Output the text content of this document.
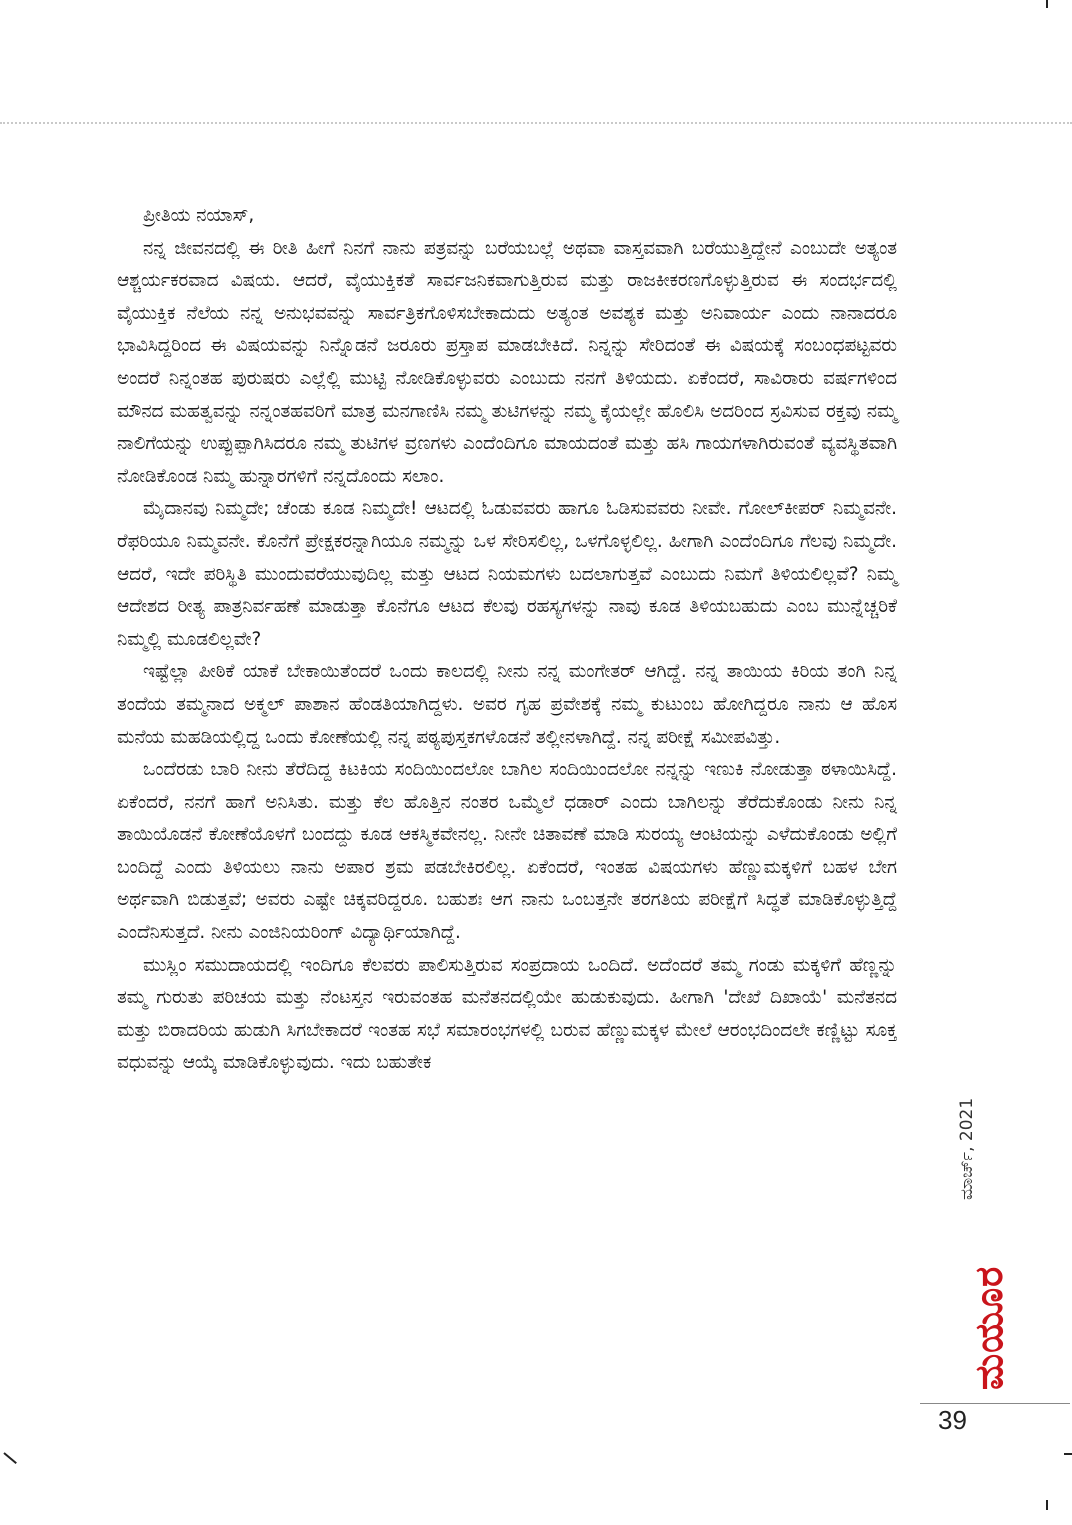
ಪ್ರೀತಿಯ ನಯಾಸ್,

ನನ್ನ ಜೀವನದಲ್ಲಿ ಈ ರೀತಿ ಹೀಗೆ ನಿನಗೆ ನಾನು ಪತ್ರವನ್ನು ಬರೆಯಬಲ್ಲೆ ಅಥವಾ ವಾಸ್ತವವಾಗಿ ಬರೆಯುತ್ತಿದ್ದೇನೆ ಎಂಬುದೇ ಅತ್ಯಂತ ಆಶ್ಚರ್ಯಕರವಾದ ವಿಷಯ. ಆದರೆ, ವೈಯುಕ್ತಿಕತೆ ಸಾರ್ವಜನಿಕವಾಗುತ್ತಿರುವ ಮತ್ತು ರಾಜಕೀಕರಣಗೊಳ್ಳುತ್ತಿರುವ ಈ ಸಂದರ್ಭದಲ್ಲಿ ವೈಯುಕ್ತಿಕ ನೆಲೆಯ ನನ್ನ ಅನುಭವವನ್ನು ಸಾರ್ವತ್ರಿಕಗೊಳಿಸಬೇಕಾದುದು ಅತ್ಯಂತ ಅವಶ್ಯಕ ಮತ್ತು ಅನಿವಾರ್ಯ ಎಂದು ನಾನಾದರೂ ಭಾವಿಸಿದ್ದರಿಂದ ಈ ವಿಷಯವನ್ನು ನಿನ್ನೊಡನೆ ಜರೂರು ಪ್ರಸ್ತಾಪ ಮಾಡಬೇಕಿದೆ. ನಿನ್ನನ್ನು ಸೇರಿದಂತೆ ಈ ವಿಷಯಕ್ಕೆ ಸಂಬಂಧಪಟ್ಟವರು ಅಂದರೆ ನಿನ್ನಂತಹ ಪುರುಷರು ಎಲ್ಲೆಲ್ಲಿ ಮುಟ್ಟಿ ನೋಡಿಕೊಳ್ಳುವರು ಎಂಬುದು ನನಗೆ ತಿಳಿಯದು. ಏಕೆಂದರೆ, ಸಾವಿರಾರು ವರ್ಷಗಳಿಂದ ಮೌನದ ಮಹತ್ವವನ್ನು ನನ್ನಂತಹವರಿಗೆ ಮಾತ್ರ ಮನಗಾಣಿಸಿ ನಮ್ಮ ತುಟಿಗಳನ್ನು ನಮ್ಮ ಕೈಯಲ್ಲೇ ಹೊಲಿಸಿ ಅದರಿಂದ ಸ್ರವಿಸುವ ರಕ್ತವು ನಮ್ಮ ನಾಲಿಗೆಯನ್ನು ಉಪ್ಪುಪ್ಪಾಗಿಸಿದರೂ ನಮ್ಮ ತುಟಿಗಳ ವ್ರಣಗಳು ಎಂದೆಂದಿಗೂ ಮಾಯದಂತೆ ಮತ್ತು ಹಸಿ ಗಾಯಗಳಾಗಿರುವಂತೆ ವ್ಯವಸ್ಥಿತವಾಗಿ ನೋಡಿಕೊಂಡ ನಿಮ್ಮ ಹುನ್ನಾರಗಳಿಗೆ ನನ್ನದೊಂದು ಸಲಾಂ.

ಮೈದಾನವು ನಿಮ್ಮದೇ; ಚೆಂಡು ಕೂಡ ನಿಮ್ಮದೇ! ಆಟದಲ್ಲಿ ಓಡುವವರು ಹಾಗೂ ಓಡಿಸುವವರು ನೀವೇ. ಗೋಲ್‌ಕೀಪರ್ ನಿಮ್ಮವನೇ. ರೆಫರಿಯೂ ನಿಮ್ಮವನೇ. ಕೊನೆಗೆ ಪ್ರೇಕ್ಷಕರನ್ನಾಗಿಯೂ ನಮ್ಮನ್ನು ಒಳ ಸೇರಿಸಲಿಲ್ಲ, ಒಳಗೊಳ್ಳಲಿಲ್ಲ. ಹೀಗಾಗಿ ಎಂದೆಂದಿಗೂ ಗೆಲವು ನಿಮ್ಮದೇ. ಆದರೆ, ಇದೇ ಪರಿಸ್ಥಿತಿ ಮುಂದುವರೆಯುವುದಿಲ್ಲ ಮತ್ತು ಆಟದ ನಿಯಮಗಳು ಬದಲಾಗುತ್ತವೆ ಎಂಬುದು ನಿಮಗೆ ತಿಳಿಯಲಿಲ್ಲವೆ? ನಿಮ್ಮ ಆದೇಶದ ರೀತ್ಯ ಪಾತ್ರನಿರ್ವಹಣೆ ಮಾಡುತ್ತಾ ಕೊನೆಗೂ ಆಟದ ಕೆಲವು ರಹಸ್ಯಗಳನ್ನು ನಾವು ಕೂಡ ತಿಳಿಯಬಹುದು ಎಂಬ ಮುನ್ನೆಚ್ಚರಿಕೆ ನಿಮ್ಮಲ್ಲಿ ಮೂಡಲಿಲ್ಲವೇ?

ಇಷ್ಟೆಲ್ಲಾ ಪೀಠಿಕೆ ಯಾಕೆ ಬೇಕಾಯಿತೆಂದರೆ ಒಂದು ಕಾಲದಲ್ಲಿ ನೀನು ನನ್ನ ಮಂಗೇತರ್ ಆಗಿದ್ದೆ. ನನ್ನ ತಾಯಿಯ ಕಿರಿಯ ತಂಗಿ ನಿನ್ನ ತಂದೆಯ ತಮ್ಮನಾದ ಅಕ್ಮಲ್ ಪಾಶಾನ ಹೆಂಡತಿಯಾಗಿದ್ದಳು. ಅವರ ಗೃಹ ಪ್ರವೇಶಕ್ಕೆ ನಮ್ಮ ಕುಟುಂಬ ಹೋಗಿದ್ದರೂ ನಾನು ಆ ಹೊಸ ಮನೆಯ ಮಹಡಿಯಲ್ಲಿದ್ದ ಒಂದು ಕೋಣೆಯಲ್ಲಿ ನನ್ನ ಪಠ್ಯಪುಸ್ತಕಗಳೊಡನೆ ತಲ್ಲೀನಳಾಗಿದ್ದೆ. ನನ್ನ ಪರೀಕ್ಷೆ ಸಮೀಪವಿತ್ತು.

ಒಂದೆರಡು ಬಾರಿ ನೀನು ತೆರೆದಿದ್ದ ಕಿಟಕಿಯ ಸಂದಿಯಿಂದಲೋ ಬಾಗಿಲ ಸಂದಿಯಿಂದಲೋ ನನ್ನನ್ನು ಇಣುಕಿ ನೋಡುತ್ತಾ ಠಳಾಯಿಸಿದ್ದೆ. ಏಕೆಂದರೆ, ನನಗೆ ಹಾಗೆ ಅನಿಸಿತು. ಮತ್ತು ಕೆಲ ಹೊತ್ತಿನ ನಂತರ ಒಮ್ಮೆಲೆ ಧಡಾರ್ ಎಂದು ಬಾಗಿಲನ್ನು ತೆರೆದುಕೊಂಡು ನೀನು ನಿನ್ನ ತಾಯಿಯೊಡನೆ ಕೋಣೆಯೊಳಗೆ ಬಂದದ್ದು ಕೂಡ ಆಕಸ್ಮಿಕವೇನಲ್ಲ. ನೀನೇ ಚಿತಾವಣೆ ಮಾಡಿ ಸುರಯ್ಯ ಆಂಟಿಯನ್ನು ಎಳೆದುಕೊಂಡು ಅಲ್ಲಿಗೆ ಬಂದಿದ್ದೆ ಎಂದು ತಿಳಿಯಲು ನಾನು ಅಪಾರ ಶ್ರಮ ಪಡಬೇಕಿರಲಿಲ್ಲ. ಏಕೆಂದರೆ, ಇಂತಹ ವಿಷಯಗಳು ಹೆಣ್ಣುಮಕ್ಕಳಿಗೆ ಬಹಳ ಬೇಗ ಅರ್ಥವಾಗಿ ಬಿಡುತ್ತವೆ; ಅವರು ಎಷ್ಟೇ ಚಿಕ್ಕವರಿದ್ದರೂ. ಬಹುಶಃ ಆಗ ನಾನು ಒಂಬತ್ತನೇ ತರಗತಿಯ ಪರೀಕ್ಷೆಗೆ ಸಿದ್ಧತೆ ಮಾಡಿಕೊಳ್ಳುತ್ತಿದ್ದೆ ಎಂದೆನಿಸುತ್ತದೆ. ನೀನು ಎಂಜಿನಿಯರಿಂಗ್ ವಿದ್ಯಾರ್ಥಿಯಾಗಿದ್ದೆ.

ಮುಸ್ಲಿಂ ಸಮುದಾಯದಲ್ಲಿ ಇಂದಿಗೂ ಕೆಲವರು ಪಾಲಿಸುತ್ತಿರುವ ಸಂಪ್ರದಾಯ ಒಂದಿದೆ. ಅದೆಂದರೆ ತಮ್ಮ ಗಂಡು ಮಕ್ಕಳಿಗೆ ಹೆಣ್ಣನ್ನು ತಮ್ಮ ಗುರುತು ಪರಿಚಯ ಮತ್ತು ನೆಂಟಸ್ತನ ಇರುವಂತಹ ಮನೆತನದಲ್ಲಿಯೇ ಹುಡುಕುವುದು. ಹೀಗಾಗಿ 'ದೇಖೆ ದಿಖಾಯೆ' ಮನೆತನದ ಮತ್ತು ಬಿರಾದರಿಯ ಹುಡುಗಿ ಸಿಗಬೇಕಾದರೆ ಇಂತಹ ಸಭೆ ಸಮಾರಂಭಗಳಲ್ಲಿ ಬರುವ ಹೆಣ್ಣುಮಕ್ಕಳ ಮೇಲೆ ಆರಂಭದಿಂದಲೇ ಕಣ್ಣಿಟ್ಟು ಸೂಕ್ತ ವಧುವನ್ನು ಆಯ್ಕೆ ಮಾಡಿಕೊಳ್ಳುವುದು. ಇದು ಬಹುತೇಕ

ಮಾರ್ಚ್, 2021
ಮಯೂರ
39
